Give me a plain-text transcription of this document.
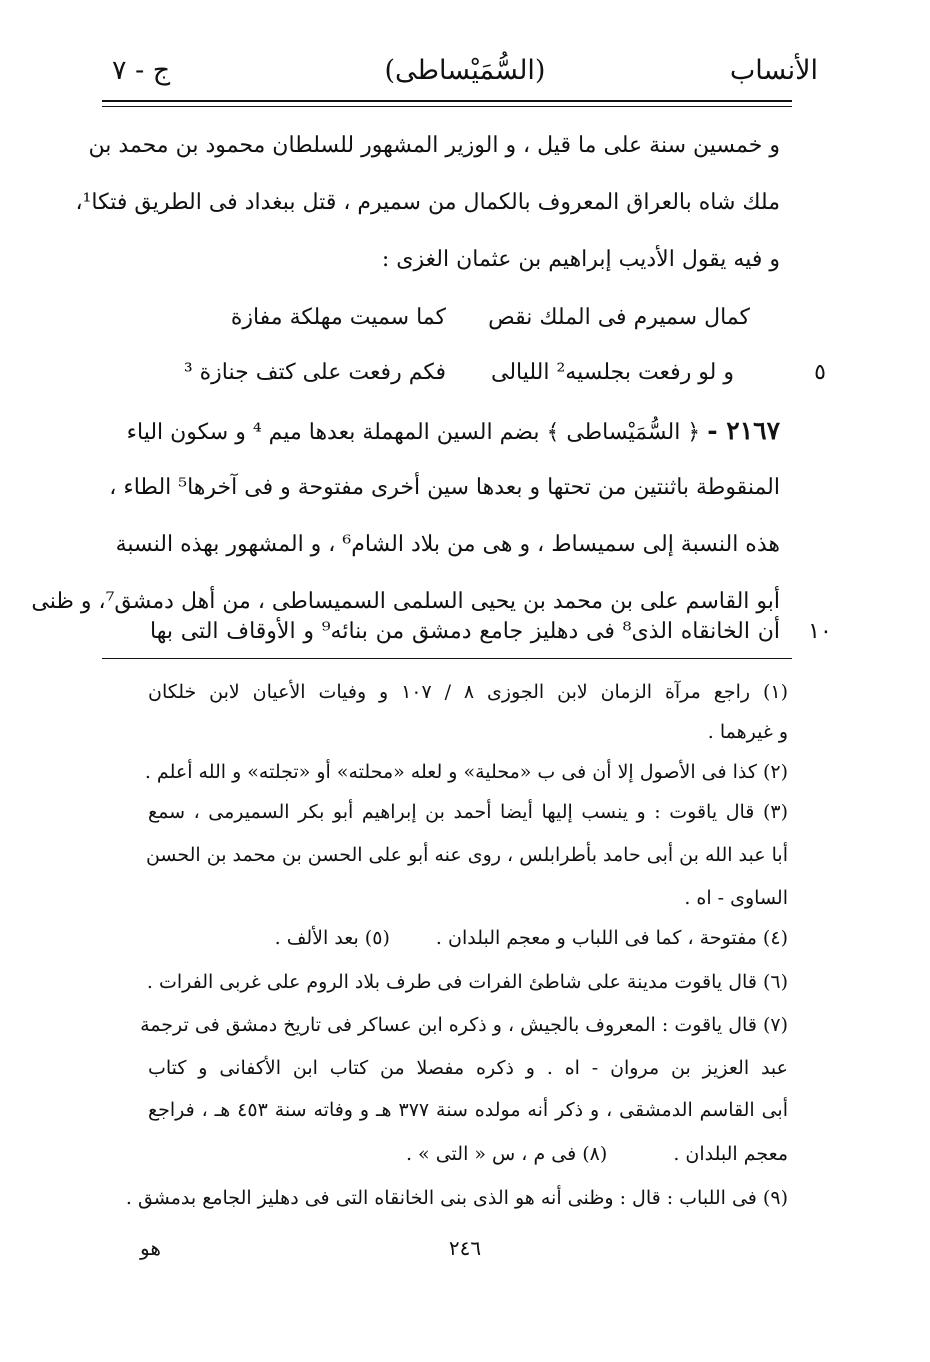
الأنساب
(السُّمَيْساطى)
ج - ٧
و خمسين سنة على ما قيل ، و الوزير المشهور للسلطان محمود بن محمد بن
ملك شاه بالعراق المعروف بالكمال من سميرم ، قتل ببغداد فى الطريق فتكا¹،
و فيه يقول الأديب إبراهيم بن عثمان الغزى :
كمال سميرم فى الملك نقص
كما سميت مهلكة مفازة
و لو رفعت بجلسيه² الليالى
فكم رفعت على كتف جنازة ³	٥
٢١٦٧ - ﴿ السُّمَيْساطى ﴾ بضم السين المهملة بعدها ميم ⁴ و سكون الياء
المنقوطة باثنتين من تحتها و بعدها سين أخرى مفتوحة و فى آخرها⁵ الطاء ،
هذه النسبة إلى سميساط ، و هى من بلاد الشام⁶ ، و المشهور بهذه النسبة
أبو القاسم على بن محمد بن يحيى السلمى السميساطى ، من أهل دمشق⁷، و ظنى
أن الخانقاه الذى⁸ فى دهليز جامع دمشق من بنائه⁹ و الأوقاف التى بها	١٠
(١) راجع مرآة الزمان لابن الجوزى ٨ / ١٠٧ و وفيات الأعيان لابن خلكان
و غيرهما .
(٢) كذا فى الأصول إلا أن فى ب «محلية» و لعله «محلته» أو «تجلته» و الله أعلم .
(٣) قال ياقوت : و ينسب إليها أيضا أحمد بن إبراهيم أبو بكر السميرمى ، سمع
أبا عبد الله بن أبى حامد بأطرابلس ، روى عنه أبو على الحسن بن محمد بن الحسن
الساوى - اه .
(٤) مفتوحة ، كما فى اللباب و معجم البلدان . (٥) بعد الألف .
(٦) قال ياقوت مدينة على شاطئ الفرات فى طرف بلاد الروم على غربى الفرات .
(٧) قال ياقوت : المعروف بالجيش ، و ذكره ابن عساكر فى تاريخ دمشق فى ترجمة
عبد العزيز بن مروان - اه . و ذكره مفصلا من كتاب ابن الأكفانى و كتاب
أبى القاسم الدمشقى ، و ذكر أنه مولده سنة ٣٧٧ هـ و وفاته سنة ٤٥٣ هـ ، فراجع
معجم البلدان . (٨) فى م ، س « التى » .
(٩) فى اللباب : قال : وظنى أنه هو الذى بنى الخانقاه التى فى دهليز الجامع بدمشق .
٢٤٦
هو
